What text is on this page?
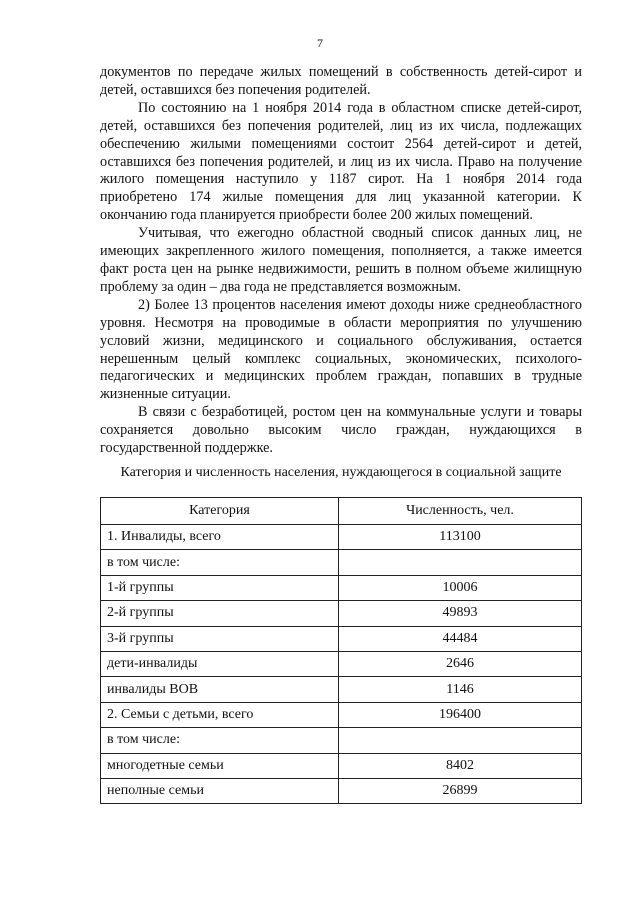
7

документов по передаче жилых помещений в собственность детей-сирот и детей, оставшихся без попечения родителей.

По состоянию на 1 ноября 2014 года в областном списке детей-сирот, детей, оставшихся без попечения родителей, лиц из их числа, подлежащих обеспечению жилыми помещениями состоит 2564 детей-сирот и детей, оставшихся без попечения родителей, и лиц из их числа. Право на получение жилого помещения наступило у 1187 сирот. На 1 ноября 2014 года приобретено 174 жилые помещения для лиц указанной категории. К окончанию года планируется приобрести более 200 жилых помещений.

Учитывая, что ежегодно областной сводный список данных лиц, не имеющих закрепленного жилого помещения, пополняется, а также имеется факт роста цен на рынке недвижимости, решить в полном объеме жилищную проблему за один – два года не представляется возможным.

2) Более 13 процентов населения имеют доходы ниже среднеобластного уровня. Несмотря на проводимые в области мероприятия по улучшению условий жизни, медицинского и социального обслуживания, остается нерешенным целый комплекс социальных, экономических, психолого-педагогических и медицинских проблем граждан, попавших в трудные жизненные ситуации.

В связи с безработицей, ростом цен на коммунальные услуги и товары сохраняется довольно высоким число граждан, нуждающихся в государственной поддержке.

Категория и численность населения, нуждающегося в социальной защите
Категория	Численность, чел.
1. Инвалиды, всего	113100
в том числе:	
1-й группы	10006
2-й группы	49893
3-й группы	44484
дети-инвалиды	2646
инвалиды ВОВ	1146
2. Семьи с детьми, всего	196400
в том числе:	
многодетные семьи	8402
неполные семьи	26899
